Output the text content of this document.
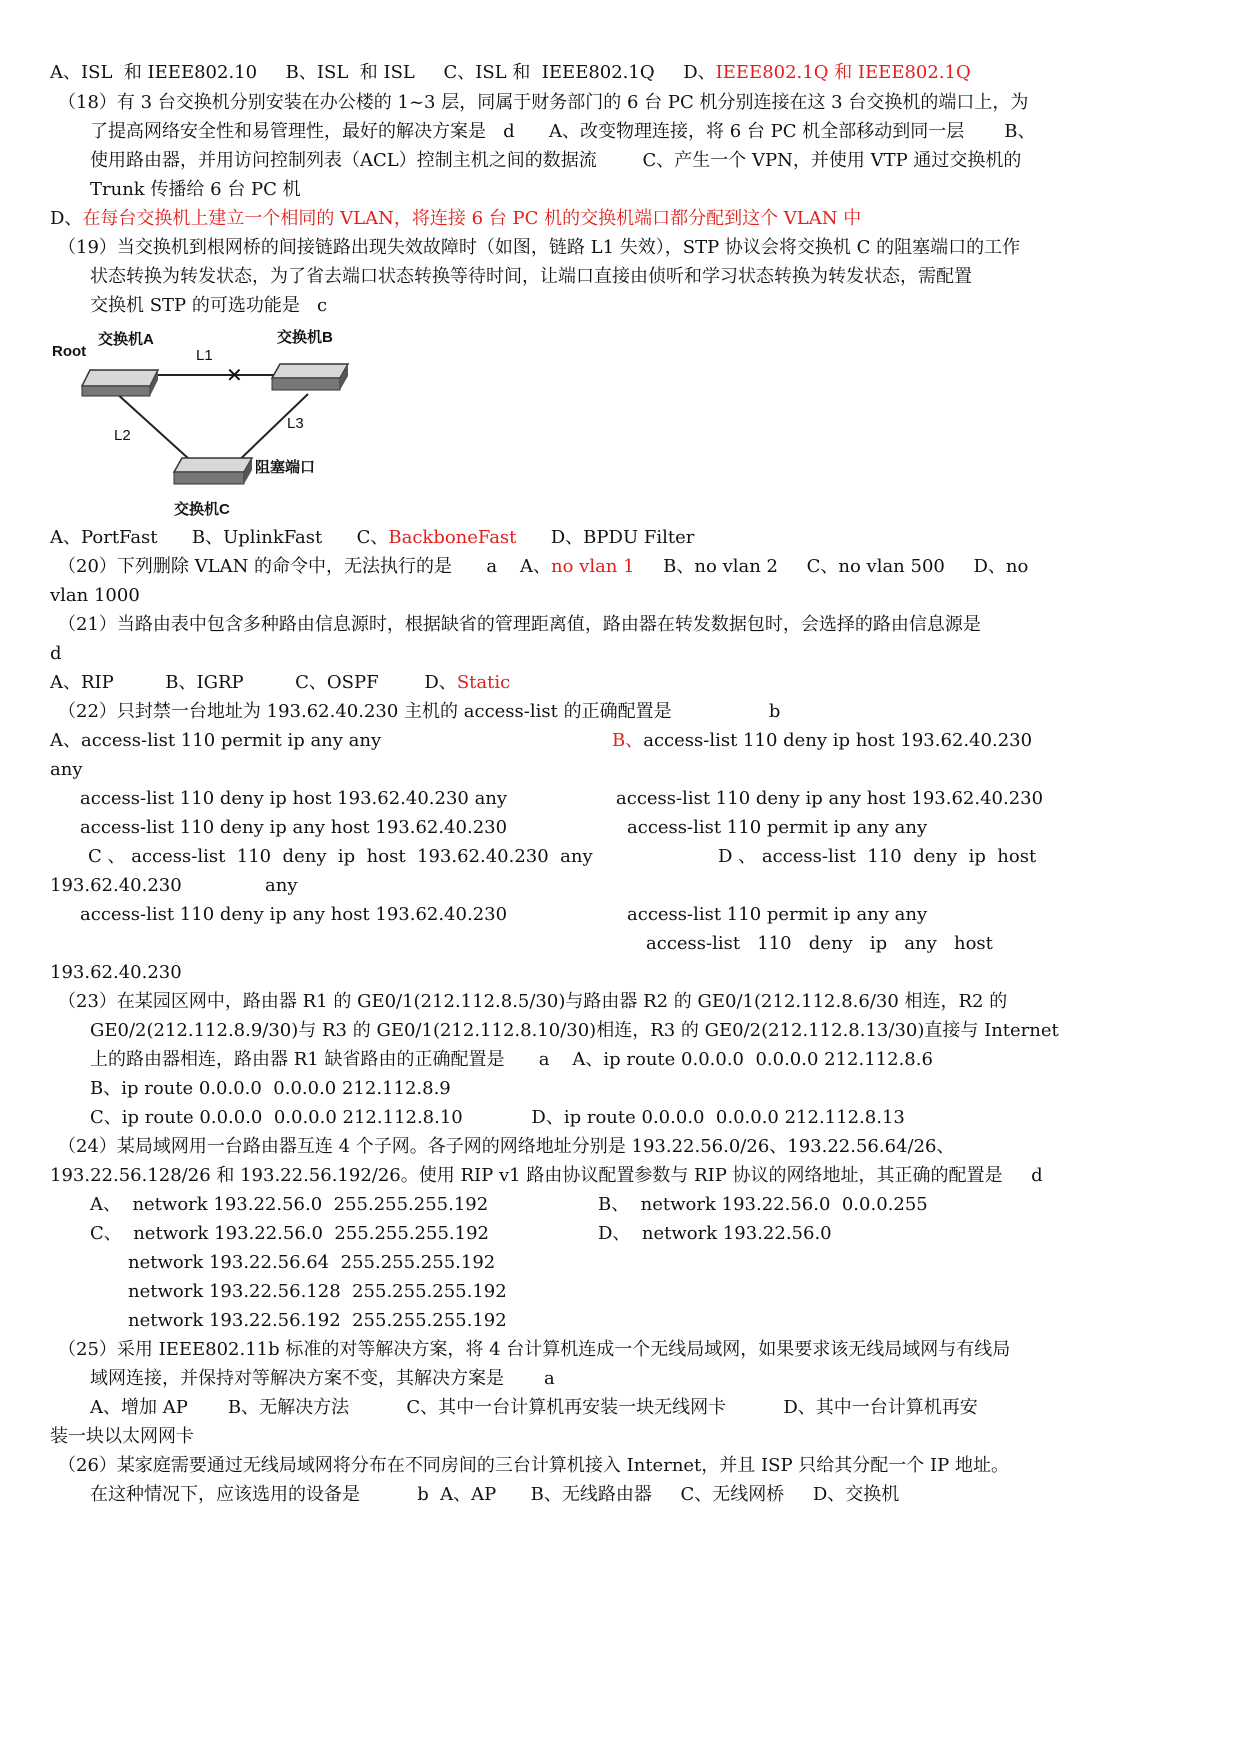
A、ISL  和 IEEE802.10     B、ISL  和 ISL     C、ISL 和  IEEE802.1Q     D、IEEE802.1Q 和 IEEE802.1Q
（18）有 3 台交换机分别安装在办公楼的 1~3 层，同属于财务部门的 6 台 PC 机分别连接在这 3 台交换机的端口上，为
了提高网络安全性和易管理性，最好的解决方案是   d      A、改变物理连接，将 6 台 PC 机全部移动到同一层       B、
使用路由器，并用访问控制列表（ACL）控制主机之间的数据流        C、产生一个 VPN，并使用 VTP 通过交换机的
Trunk 传播给 6 台 PC 机
D、在每台交换机上建立一个相同的 VLAN，将连接 6 台 PC 机的交换机端口都分配到这个 VLAN 中
（19）当交换机到根网桥的间接链路出现失效故障时（如图，链路 L1 失效），STP 协议会将交换机 C 的阻塞端口的工作
状态转换为转发状态，为了省去端口状态转换等待时间，让端口直接由侦听和学习状态转换为转发状态，需配置
交换机 STP 的可选功能是   c
Root
交换机A	交换机B
L1
✕
L2
L3
阻塞端口
交换机C
A、PortFast      B、UplinkFast      C、BackboneFast      D、BPDU Filter
（20）下列删除 VLAN 的命令中，无法执行的是      a    A、no vlan 1     B、no vlan 2     C、no vlan 500     D、no
vlan 1000
（21）当路由表中包含多种路由信息源时，根据缺省的管理距离值，路由器在转发数据包时，会选择的路由信息源是
d
A、RIP         B、IGRP         C、OSPF        D、Static
（22）只封禁一台地址为 193.62.40.230 主机的 access-list 的正确配置是                 b
A、access-list 110 permit ip any any	B、access-list 110 deny ip host 193.62.40.230
any
access-list 110 deny ip host 193.62.40.230 any	access-list 110 deny ip any host 193.62.40.230
access-list 110 deny ip any host 193.62.40.230	access-list 110 permit ip any any
C 、 access-list  110  deny  ip  host  193.62.40.230  any	D 、 access-list  110  deny  ip  host
193.62.40.230	any
access-list 110 deny ip any host 193.62.40.230	access-list 110 permit ip any any
access-list   110   deny   ip   any   host
193.62.40.230
（23）在某园区网中，路由器 R1 的 GE0/1(212.112.8.5/30)与路由器 R2 的 GE0/1(212.112.8.6/30 相连，R2 的
GE0/2(212.112.8.9/30)与 R3 的 GE0/1(212.112.8.10/30)相连，R3 的 GE0/2(212.112.8.13/30)直接与 Internet
上的路由器相连，路由器 R1 缺省路由的正确配置是      a    A、ip route 0.0.0.0  0.0.0.0 212.112.8.6
B、ip route 0.0.0.0  0.0.0.0 212.112.8.9
C、ip route 0.0.0.0  0.0.0.0 212.112.8.10            D、ip route 0.0.0.0  0.0.0.0 212.112.8.13
（24）某局域网用一台路由器互连 4 个子网。各子网的网络地址分别是 193.22.56.0/26、193.22.56.64/26、
193.22.56.128/26 和 193.22.56.192/26。使用 RIP v1 路由协议配置参数与 RIP 协议的网络地址，其正确的配置是     d
A、  network 193.22.56.0  255.255.255.192	B、  network 193.22.56.0  0.0.0.255
C、  network 193.22.56.0  255.255.255.192	D、  network 193.22.56.0
network 193.22.56.64  255.255.255.192
network 193.22.56.128  255.255.255.192
network 193.22.56.192  255.255.255.192
（25）采用 IEEE802.11b 标准的对等解决方案，将 4 台计算机连成一个无线局域网，如果要求该无线局域网与有线局
域网连接，并保持对等解决方案不变，其解决方案是       a
A、增加 AP       B、无解决方法          C、其中一台计算机再安装一块无线网卡          D、其中一台计算机再安
装一块以太网网卡
（26）某家庭需要通过无线局域网将分布在不同房间的三台计算机接入 Internet，并且 ISP 只给其分配一个 IP 地址。
在这种情况下，应该选用的设备是          b  A、AP      B、无线路由器     C、无线网桥     D、交换机
